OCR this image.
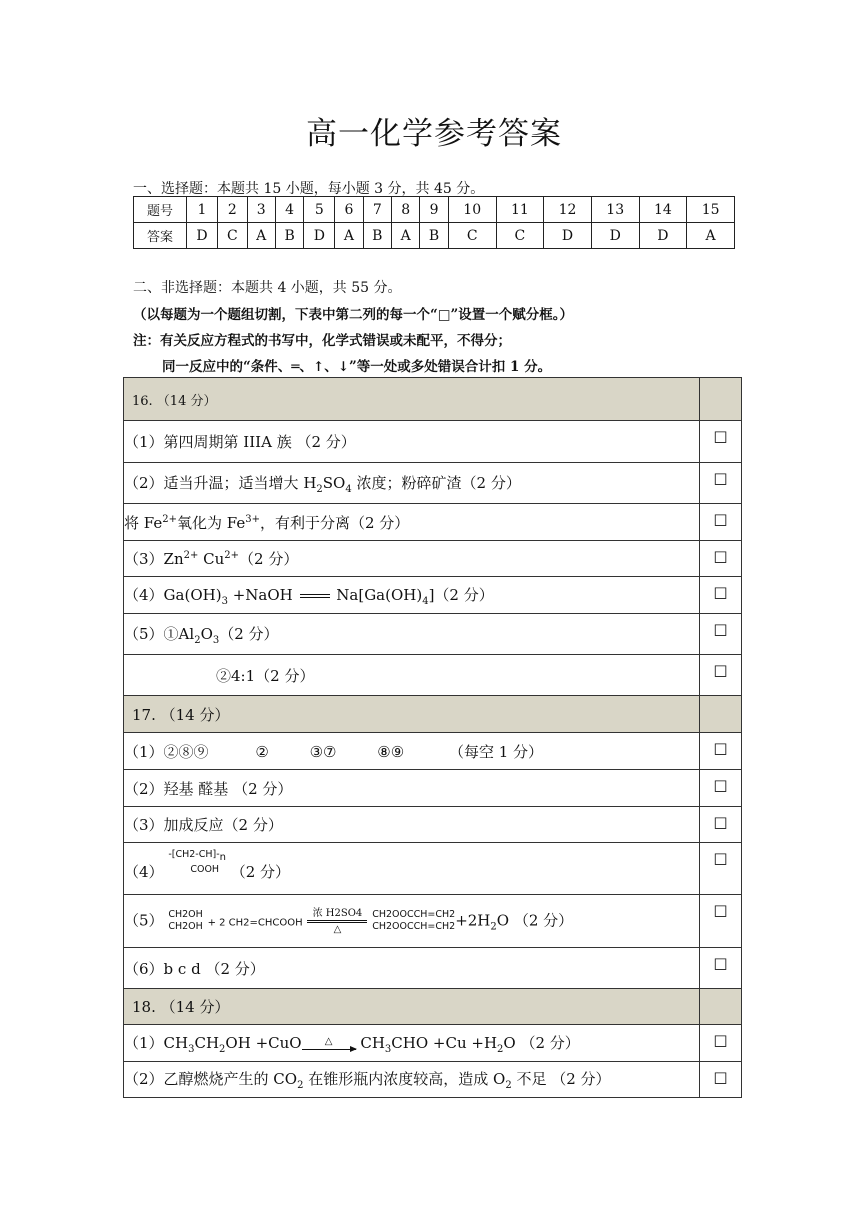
高一化学参考答案
一、选择题：本题共 15 小题，每小题 3 分，共 45 分。
题号	1	2	3	4	5	6	7	8	9	10	11	12	13	14	15
答案	D	C	A	B	D	A	B	A	B	C	C	D	D	D	A
二、非选择题：本题共 4 小题，共 55 分。
（以每题为一个题组切割，下表中第二列的每一个“□”设置一个赋分框。）
注：有关反应方程式的书写中，化学式错误或未配平，不得分；
同一反应中的“条件、═、↑、↓”等一处或多处错误合计扣 1 分。
16. （14 分）	
（1）第四周期第 IIIA 族 （2 分）	□
（2）适当升温；适当增大 $H_2SO_4$ 浓度；粉碎矿渣（2 分）	□
将 $Fe^{2+}$氧化为 $Fe^{3+}$，有利于分离（2 分）	□
$(3)Zn^{2+}$ $Cu^{2+}(2$ 分）	□
$(4)Ga(OH)_3$ +NaOH  $Na[Ga(OH)_4](2$ 分）	□
$(5)①Al_2O_3(2$ 分）	□
②4:1（2 分）	□
17. （14 分）	
（1）②⑧⑨ ② ③⑦ ⑧⑨ （每空 1 分）	□
（2）羟基 醛基 （2 分）	□
（3）加成反应（2 分）	□
（4） $-[CH2-CH]-_n$
COOH （2 分）	□
（5） CH2OH
CH2OH + 2 CH2=CHCOOH 浓 H2SO4
△ CH2OOCCH=CH2
$CH2OOCCH=CH2+2H_2O$ （2 分）	□
（6）b c d （2 分）	□
18. （14 分）	
$(1)CH_3CH_2OH +CuO$ △ $CH_3CHO +Cu +H_2O$ （2 分）	□
（2）乙醇燃烧产生的 $CO_2$ 在锥形瓶内浓度较高，造成 $O_2$ 不足 （2 分）	□
